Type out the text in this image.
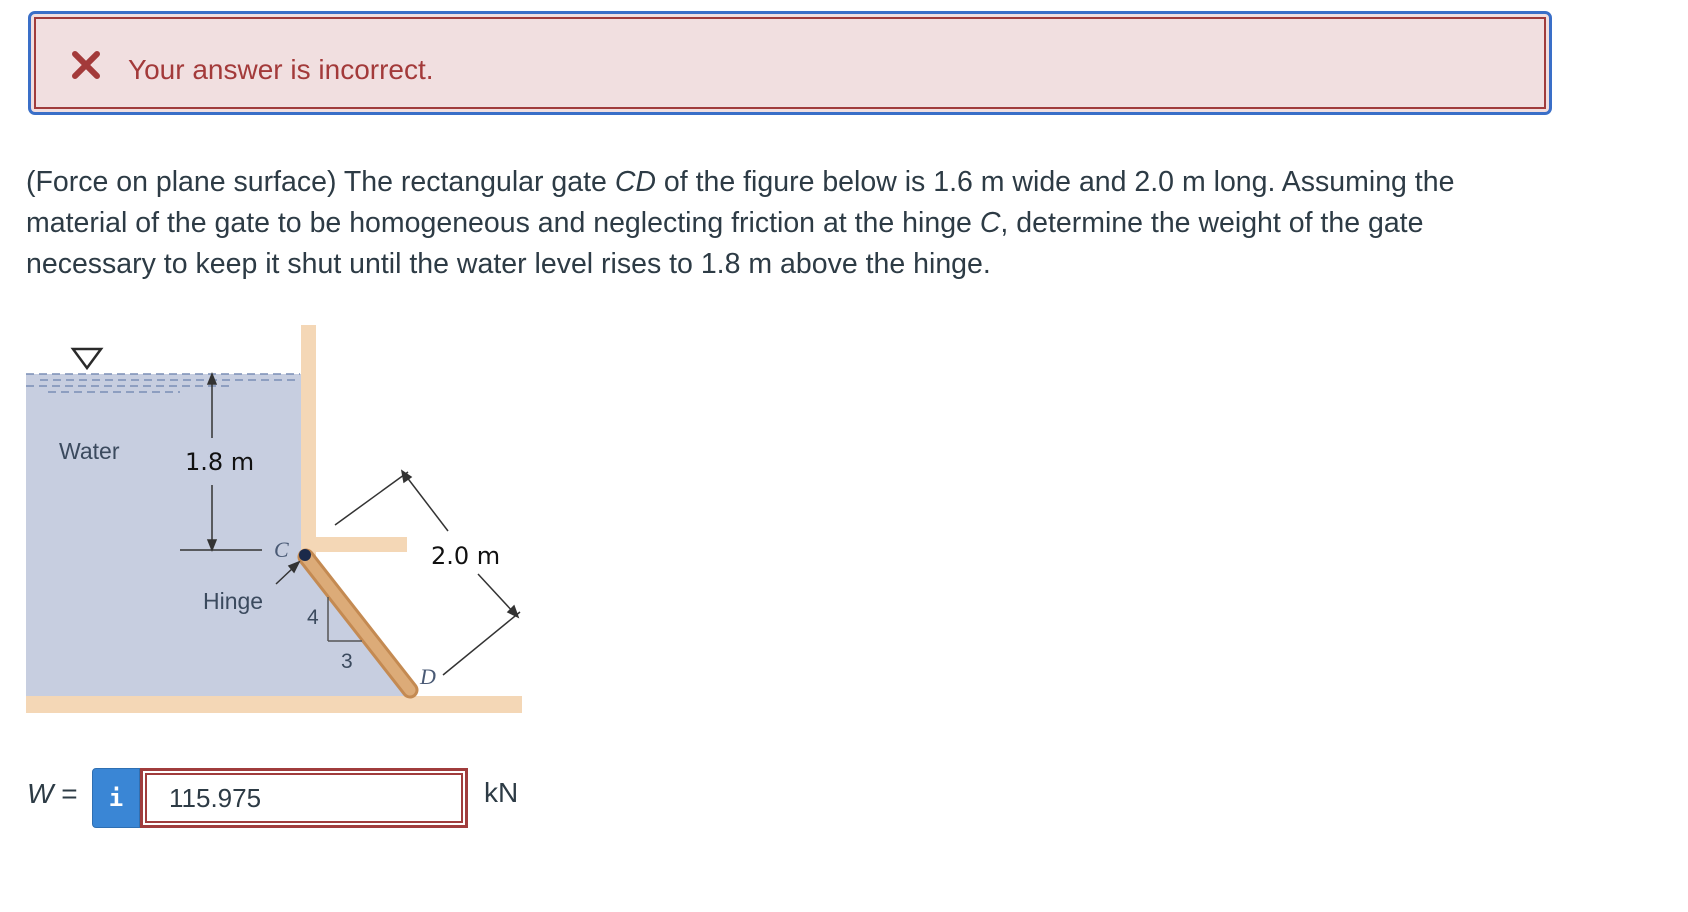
Your answer is incorrect.
(Force on plane surface) The rectangular gate CD of the figure below is 1.6 m wide and 2.0 m long. Assuming the material of the gate to be homogeneous and neglecting friction at the hinge C, determine the weight of the gate necessary to keep it shut until the water level rises to 1.8 m above the hinge.
1.8 m
Water
C
Hinge
4
3
D
2.0 m
W =	i
115.975	kN
